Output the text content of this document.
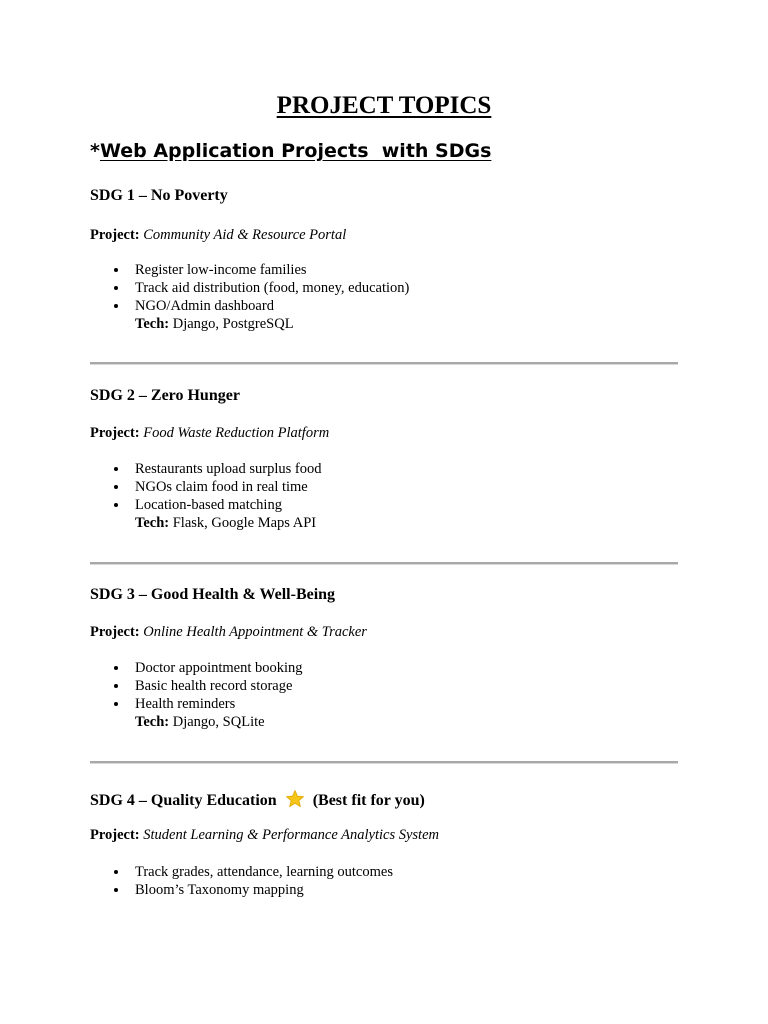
PROJECT TOPICS
*Web Application Projects  with SDGs
SDG 1 – No Poverty
Project: Community Aid & Resource Portal
Register low-income families
Track aid distribution (food, money, education)
NGO/Admin dashboard
Tech: Django, PostgreSQL
SDG 2 – Zero Hunger
Project: Food Waste Reduction Platform
Restaurants upload surplus food
NGOs claim food in real time
Location-based matching
Tech: Flask, Google Maps API
SDG 3 – Good Health & Well-Being
Project: Online Health Appointment & Tracker
Doctor appointment booking
Basic health record storage
Health reminders
Tech: Django, SQLite
SDG 4 – Quality Education (Best fit for you)
Project: Student Learning & Performance Analytics System
Track grades, attendance, learning outcomes
Bloom’s Taxonomy mapping
